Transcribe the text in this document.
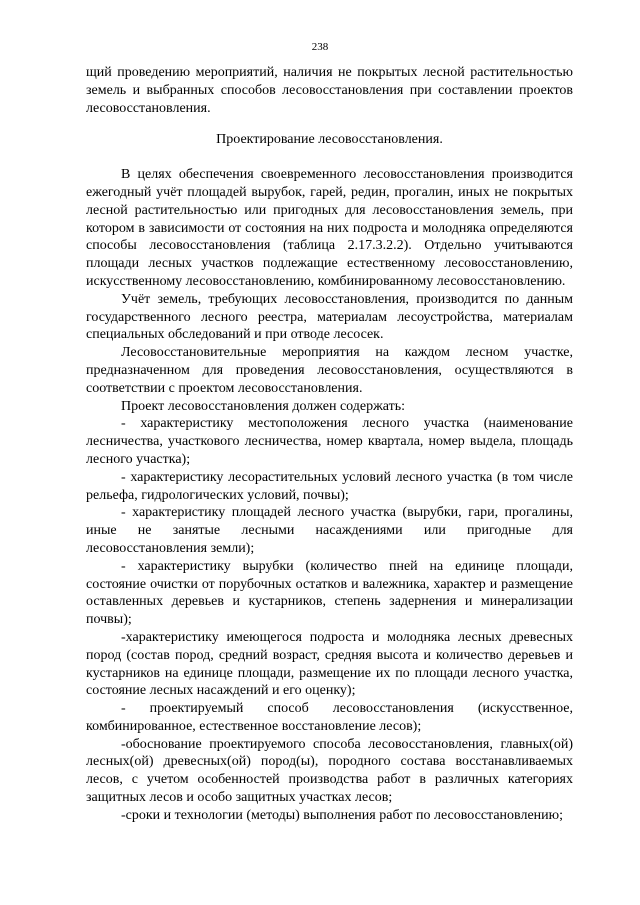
238

щий проведению мероприятий, наличия не покрытых лесной растительностью земель и выбранных способов лесовосстановления при составлении проектов лесовосстановления.

Проектирование лесовосстановления.

В целях обеспечения своевременного лесовосстановления производится ежегодный учёт площадей вырубок, гарей, редин, прогалин, иных не покрытых лесной растительностью или пригодных для лесовосстановления земель, при котором в зависимости от состояния на них подроста и молодняка определяются способы лесовосстановления (таблица 2.17.3.2.2). Отдельно учитываются площади лесных участков подлежащие естественному лесовосстановлению, искусственному лесовосстановлению, комбинированному лесовосстановлению.

Учёт земель, требующих лесовосстановления, производится по данным государственного лесного реестра, материалам лесоустройства, материалам специальных обследований и при отводе лесосек.

Лесовосстановительные мероприятия на каждом лесном участке, предназначенном для проведения лесовосстановления, осуществляются в соответствии с проектом лесовосстановления.

Проект лесовосстановления должен содержать:

- характеристику местоположения лесного участка (наименование лесничества, участкового лесничества, номер квартала, номер выдела, площадь лесного участка);

- характеристику лесорастительных условий лесного участка (в том числе рельефа, гидрологических условий, почвы);

- характеристику площадей лесного участка (вырубки, гари, прогалины, иные не занятые лесными насаждениями или пригодные для лесовосстановления земли);

- характеристику вырубки (количество пней на единице площади, состояние очистки от порубочных остатков и валежника, характер и размещение оставленных деревьев и кустарников, степень задернения и минерализации почвы);

-характеристику имеющегося подроста и молодняка лесных древесных пород (состав пород, средний возраст, средняя высота и количество деревьев и кустарников на единице площади, размещение их по площади лесного участка, состояние лесных насаждений и его оценку);

- проектируемый способ лесовосстановления (искусственное, комбинированное, естественное восстановление лесов);

-обоснование проектируемого способа лесовосстановления, главных(ой) лесных(ой) древесных(ой) пород(ы), породного состава восстанавливаемых лесов, с учетом особенностей производства работ в различных категориях защитных лесов и особо защитных участках лесов;

-сроки и технологии (методы) выполнения работ по лесовосстановлению;
